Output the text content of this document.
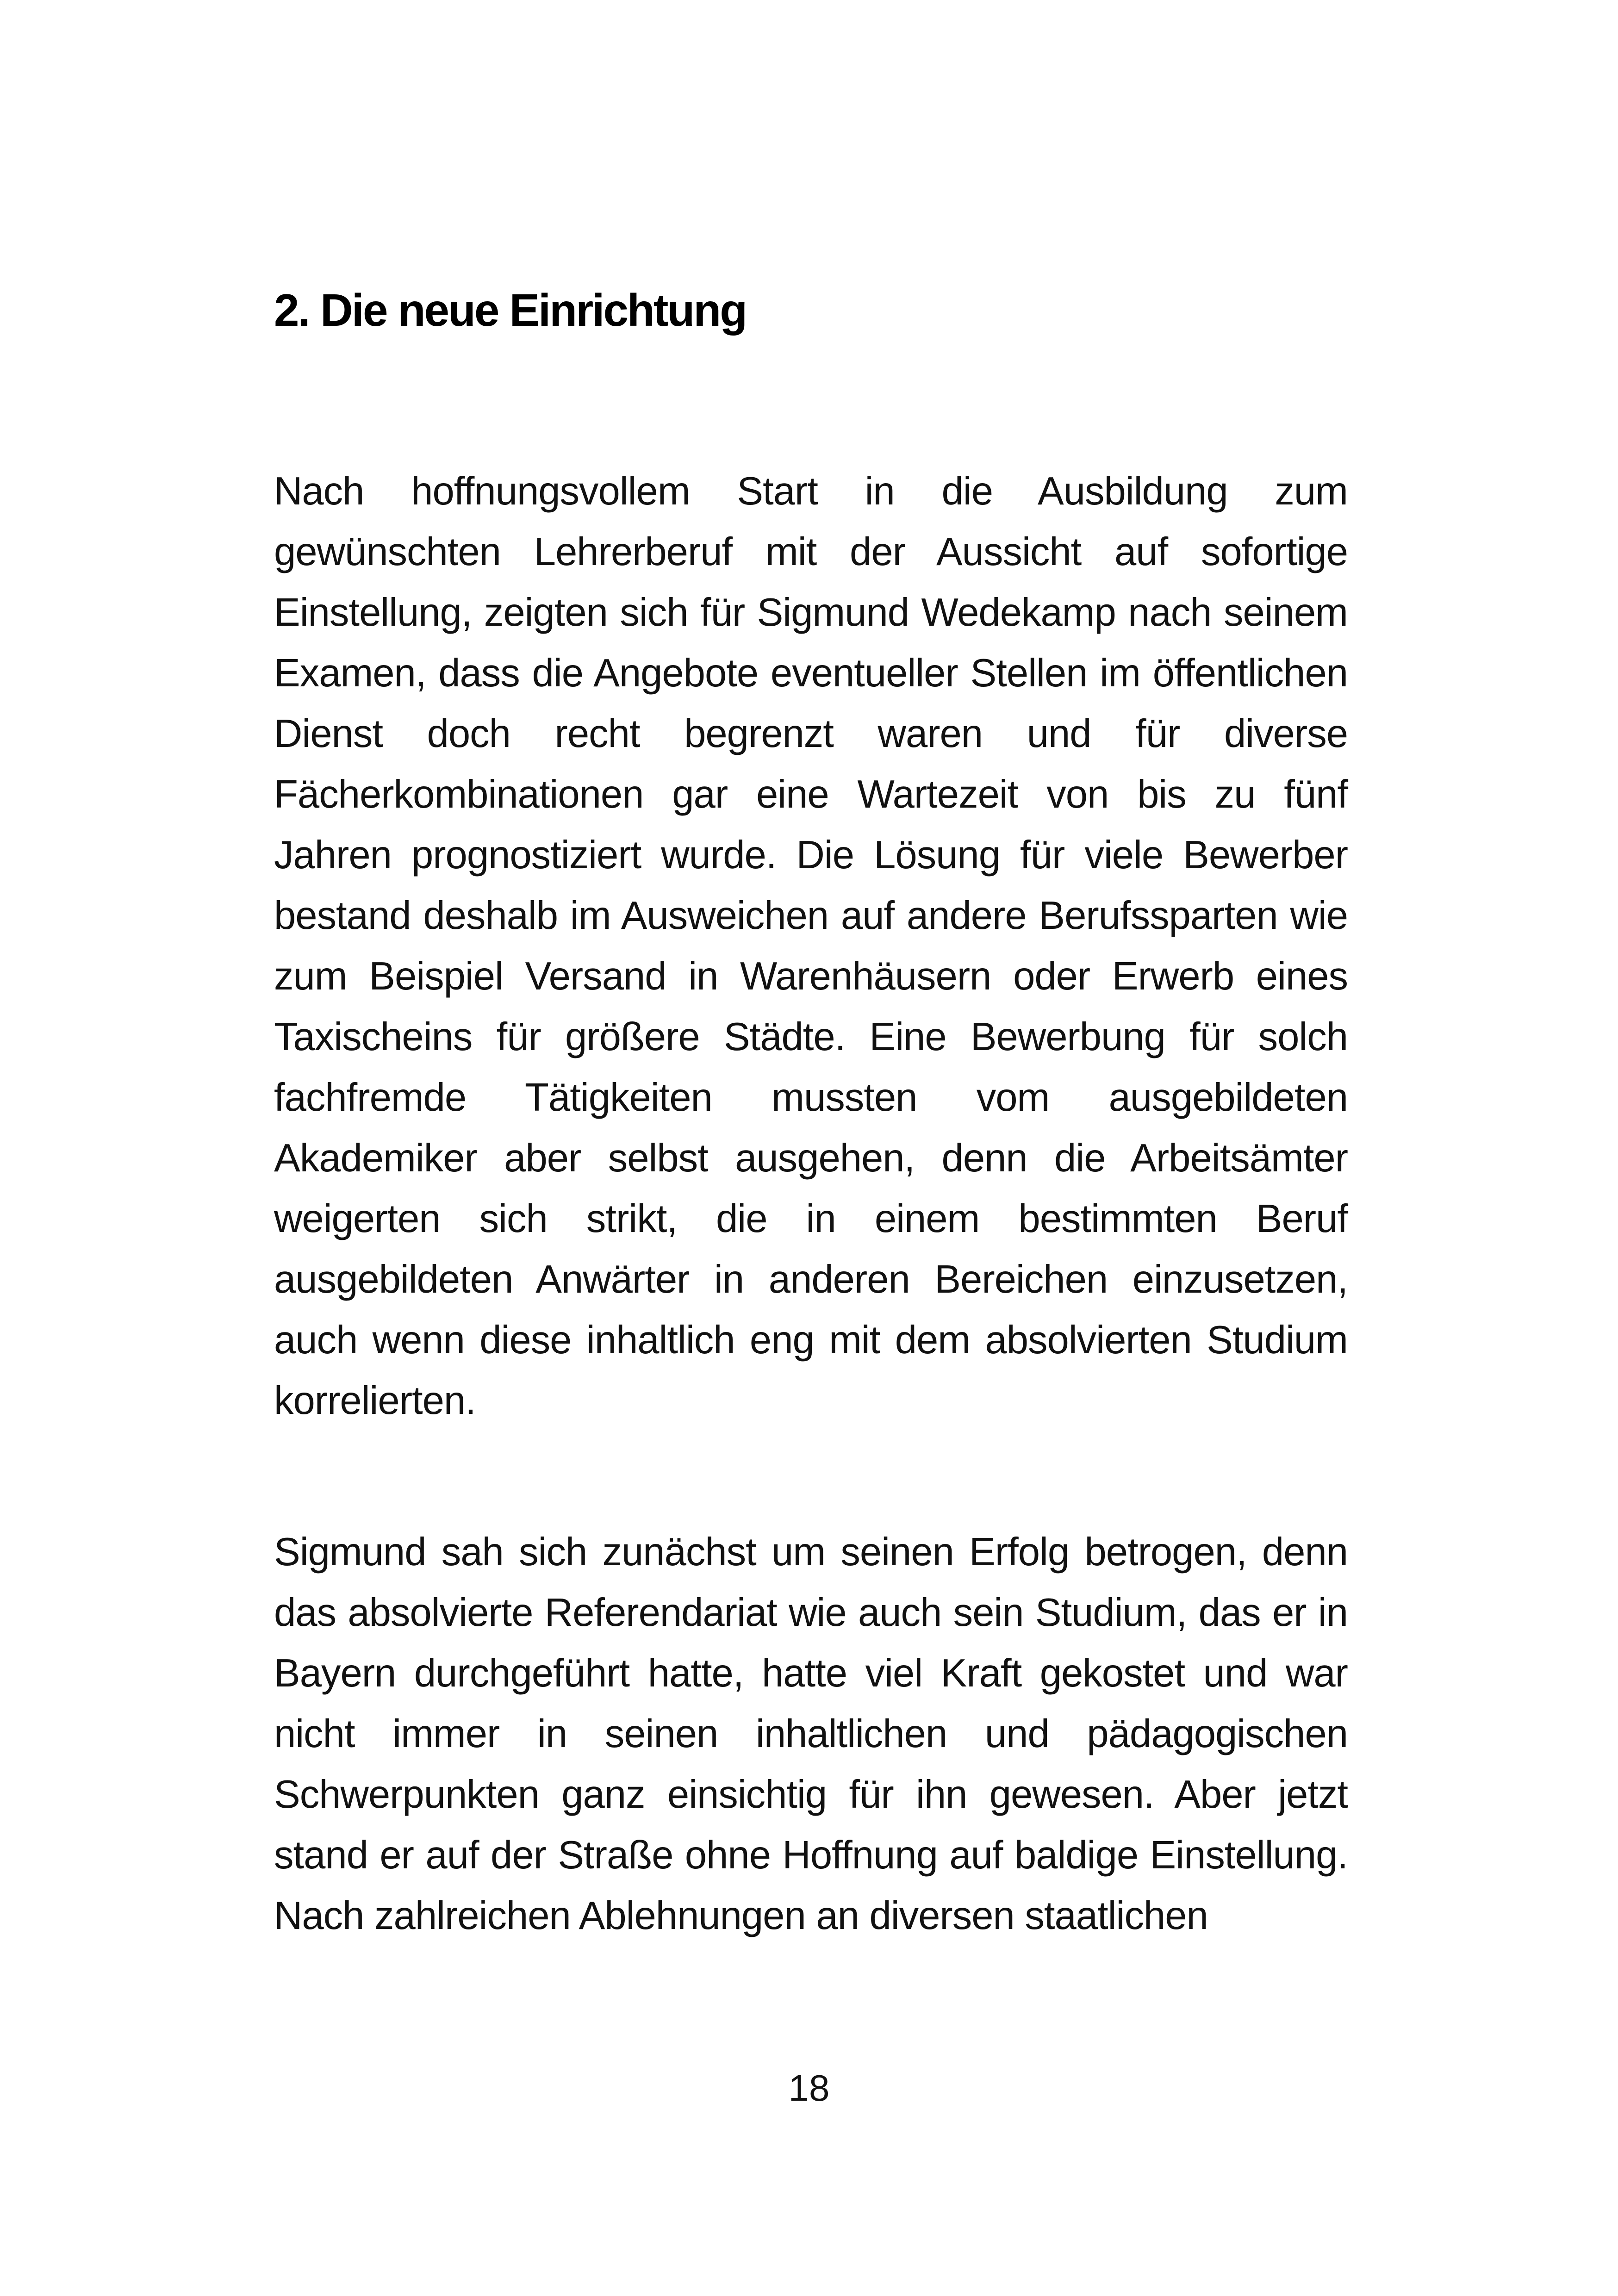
2. Die neue Einrichtung

Nach hoffnungsvollem Start in die Ausbildung zum gewünschten Lehrerberuf mit der Aussicht auf sofortige Einstellung, zeigten sich für Sigmund Wedekamp nach seinem Examen, dass die Angebote eventueller Stellen im öffentlichen Dienst doch recht begrenzt waren und für diverse Fächerkombinationen gar eine Wartezeit von bis zu fünf Jahren prognostiziert wurde. Die Lösung für viele Bewerber bestand deshalb im Ausweichen auf andere Berufssparten wie zum Beispiel Versand in Warenhäusern oder Erwerb eines Taxischeins für größere Städte. Eine Bewerbung für solch fachfremde Tätigkeiten mussten vom ausgebildeten Akademiker aber selbst ausgehen, denn die Arbeitsämter weigerten sich strikt, die in einem bestimmten Beruf ausgebildeten Anwärter in anderen Bereichen einzusetzen, auch wenn diese inhaltlich eng mit dem absolvierten Studium korrelierten.

Sigmund sah sich zunächst um seinen Erfolg betrogen, denn das absolvierte Referendariat wie auch sein Studium, das er in Bayern durchgeführt hatte, hatte viel Kraft gekostet und war nicht immer in seinen inhaltlichen und pädagogischen Schwerpunkten ganz einsichtig für ihn gewesen. Aber jetzt stand er auf der Straße ohne Hoffnung auf baldige Einstellung. Nach zahlreichen Ablehnungen an diversen staatlichen

18
